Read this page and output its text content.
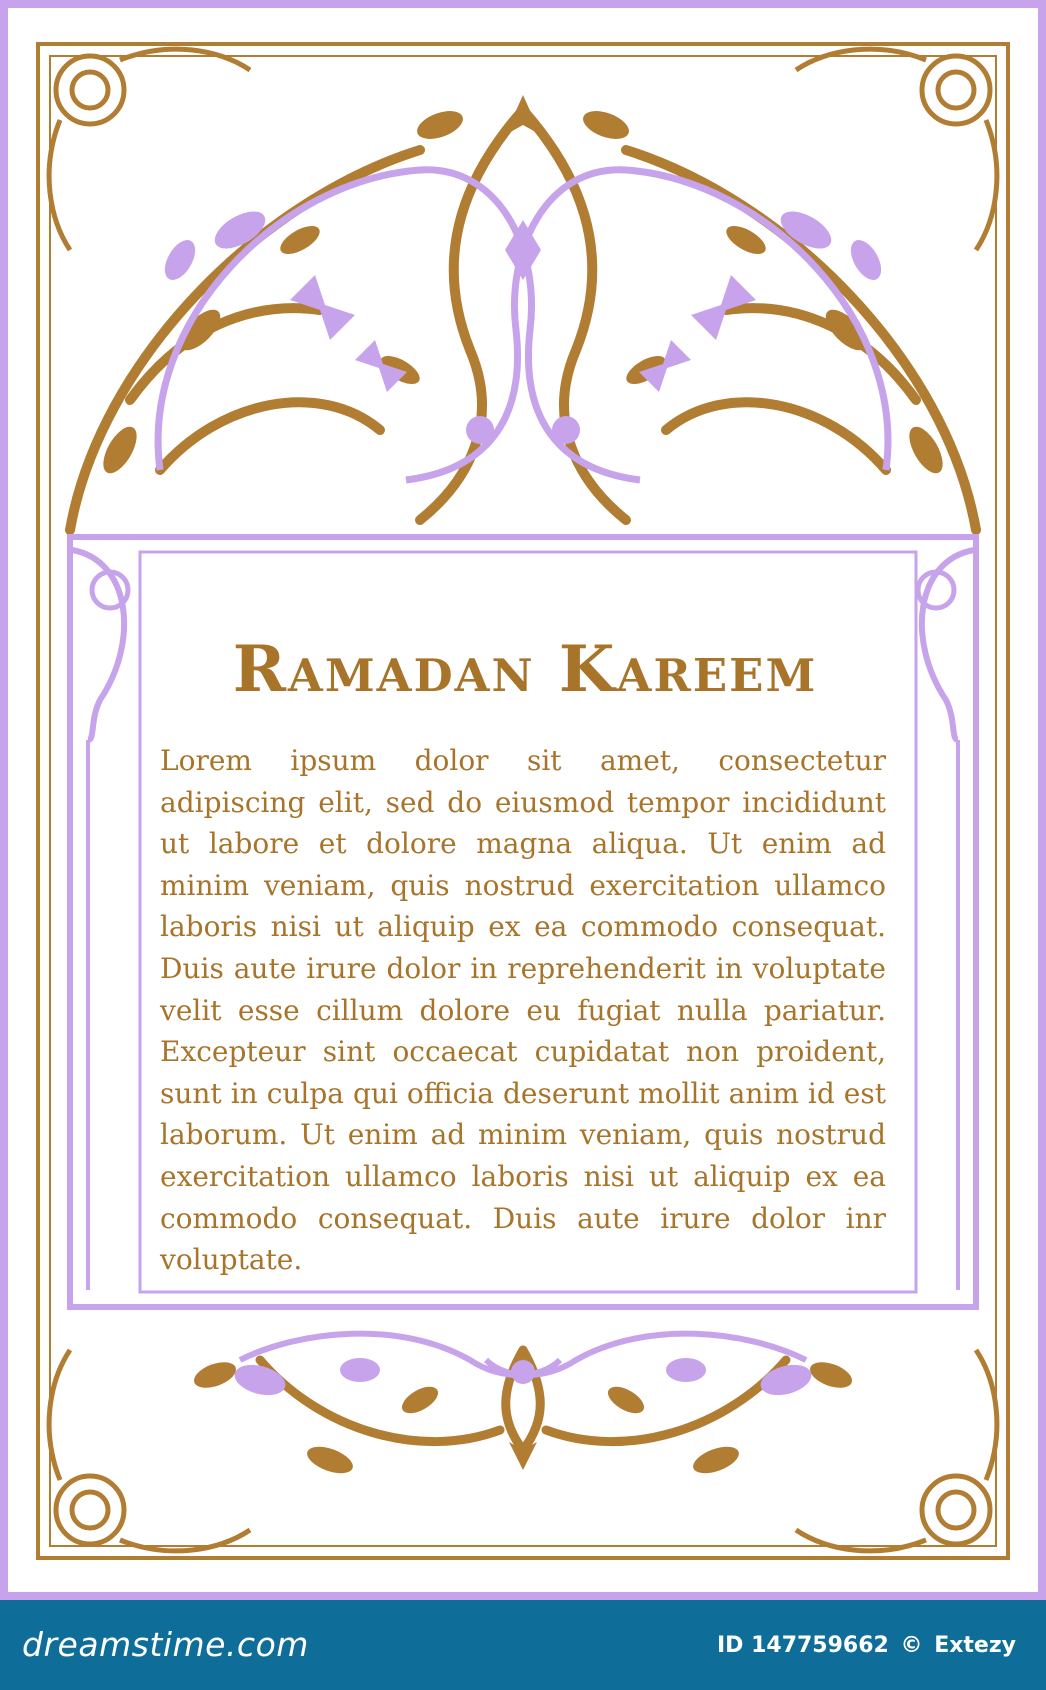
Ramadan Kareem

Lorem ipsum dolor sit amet, consectetur adipiscing elit, sed do eiusmod tempor incididunt ut labore et dolore magna aliqua. Ut enim ad minim veniam, quis nostrud exercitation ullamco laboris nisi ut aliquip ex ea commodo consequat. Duis aute irure dolor in reprehenderit in voluptate velit esse cillum dolore eu fugiat nulla pariatur. Excepteur sint occaecat cupidatat non proident, sunt in culpa qui officia deserunt mollit anim id est laborum. Ut enim ad minim veniam, quis nostrud exercitation ullamco laboris nisi ut aliquip ex ea commodo consequat. Duis aute irure dolor inr voluptate.

dreamstime.com	ID 147759662 © Extezy
